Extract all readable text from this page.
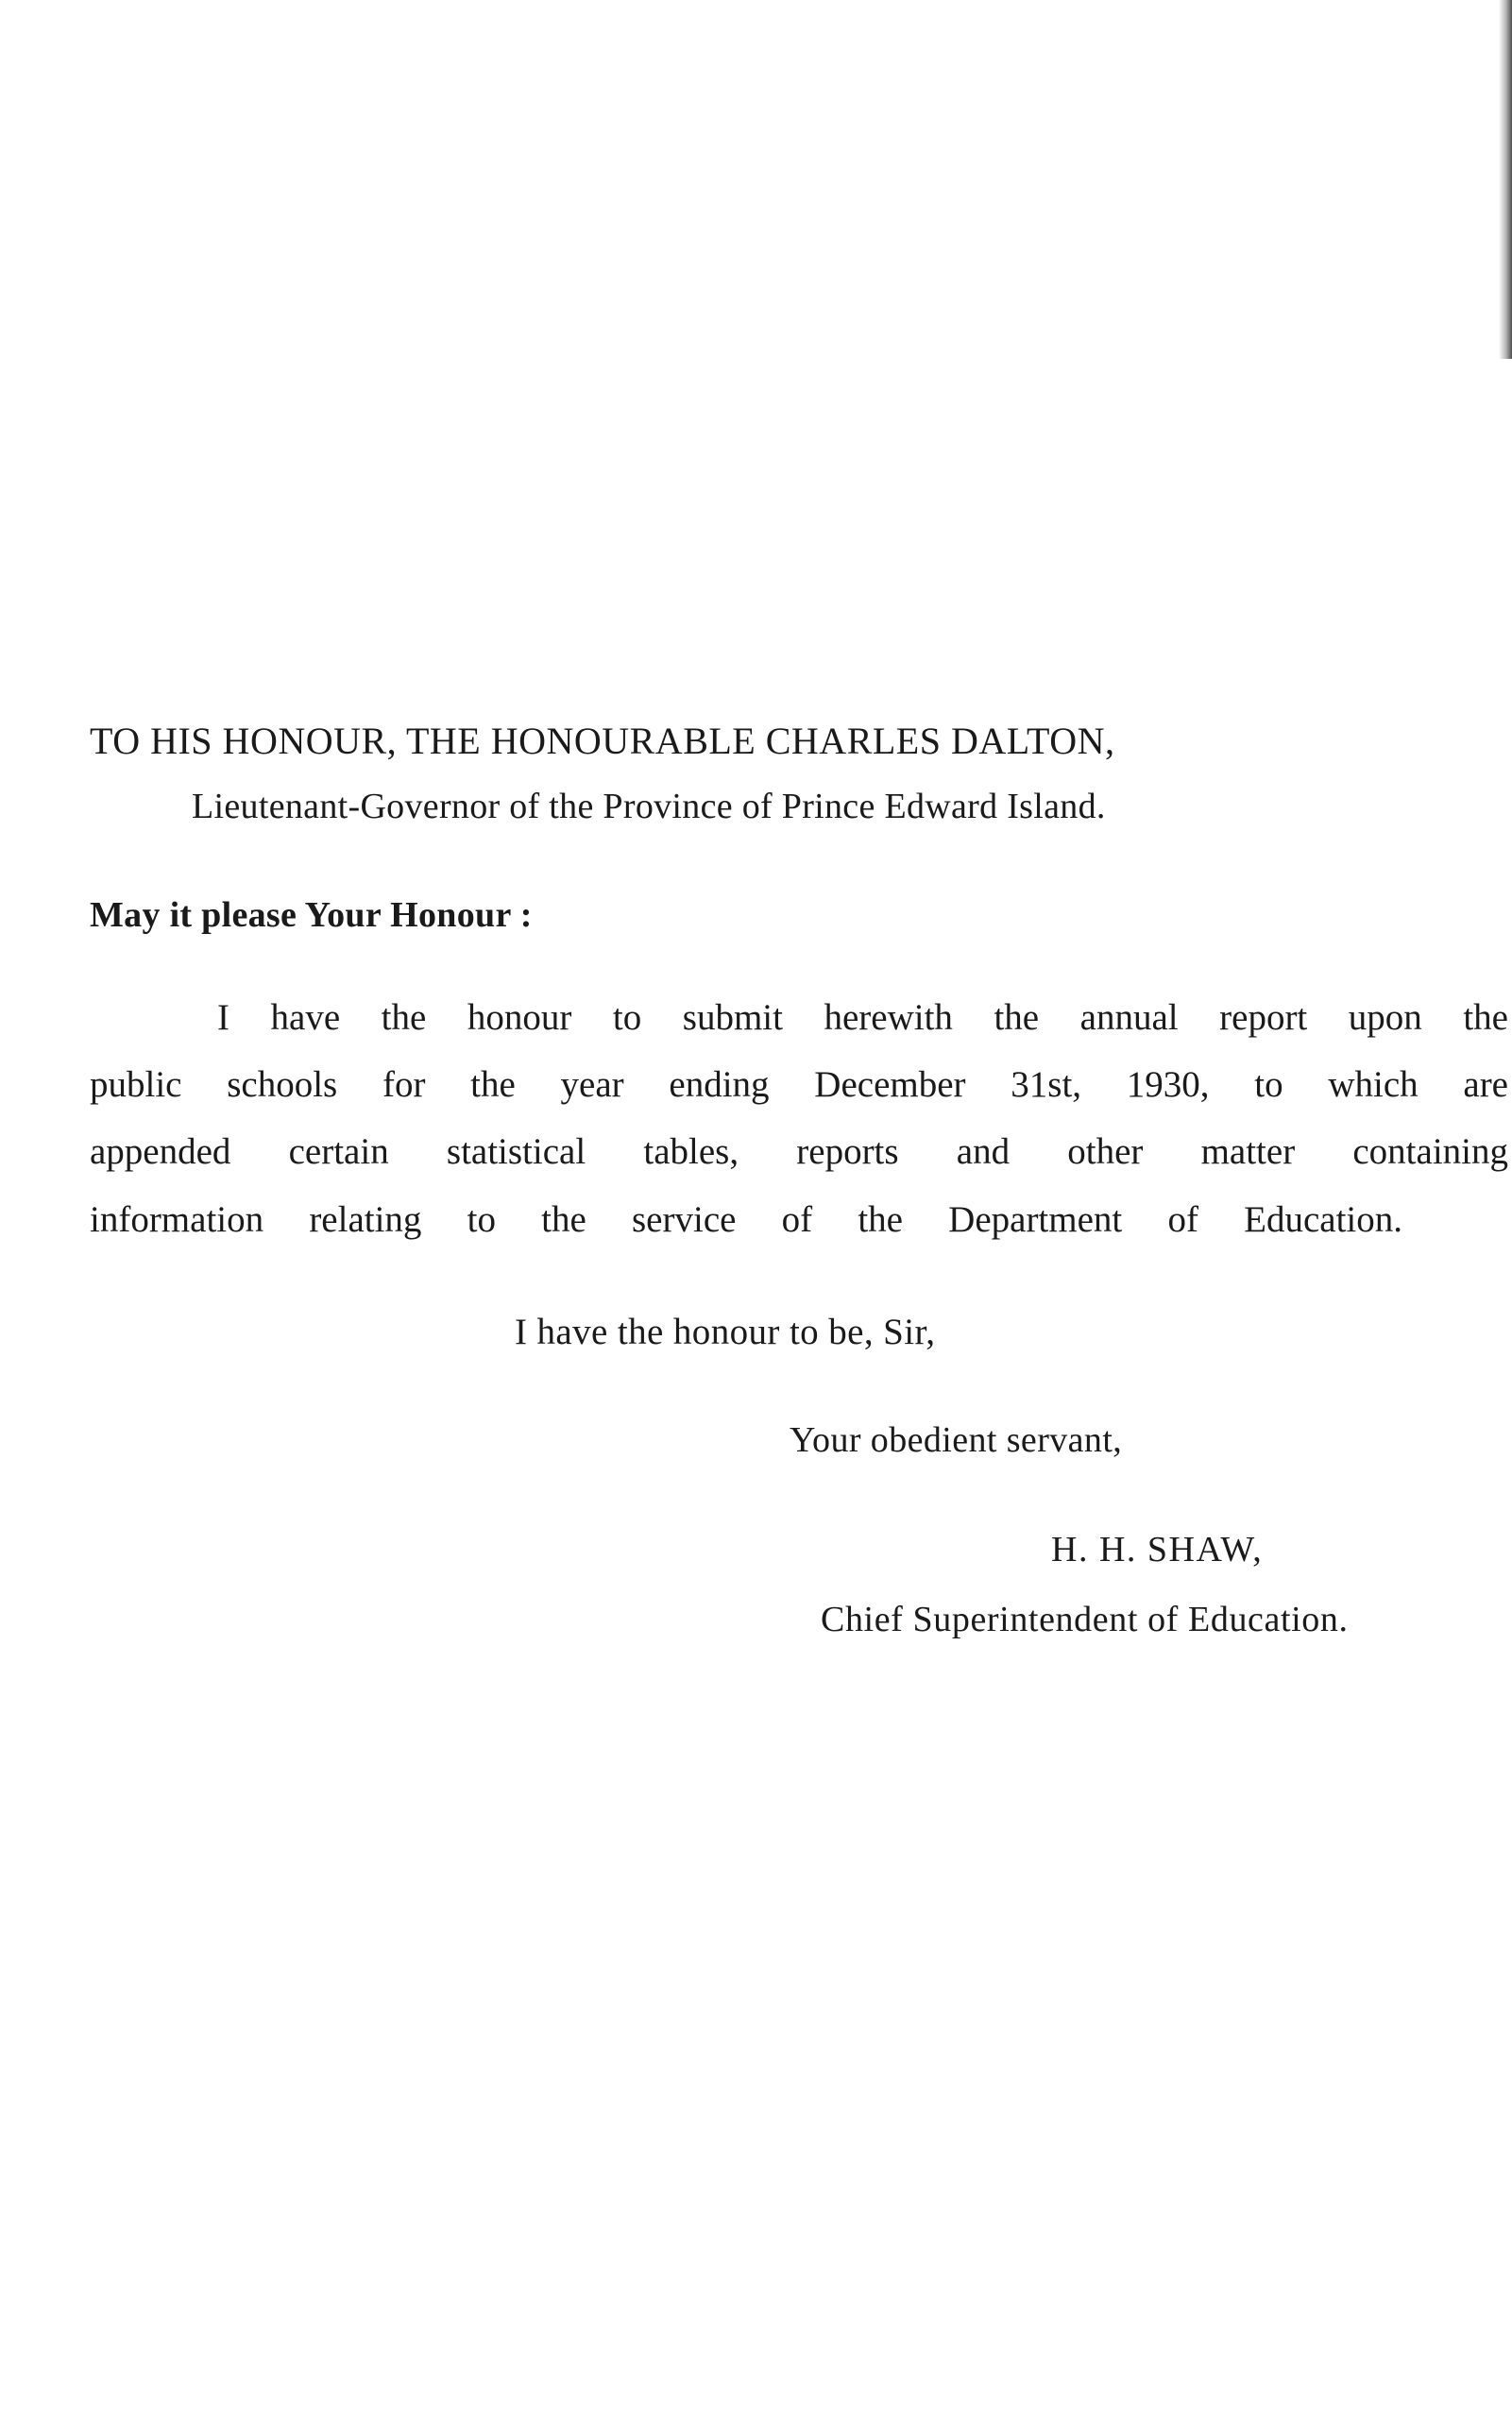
TO HIS HONOUR, THE HONOURABLE CHARLES DALTON,

Lieutenant-Governor of the Province of Prince Edward Island.

May it please Your Honour :

I have the honour to submit herewith the annual report upon the

public schools for the year ending December 31st, 1930, to which are

appended certain statistical tables, reports and other matter containing

information relating to the service of the Department of Education.

I have the honour to be, Sir,

Your obedient servant,

H. H. SHAW,

Chief Superintendent of Education.
